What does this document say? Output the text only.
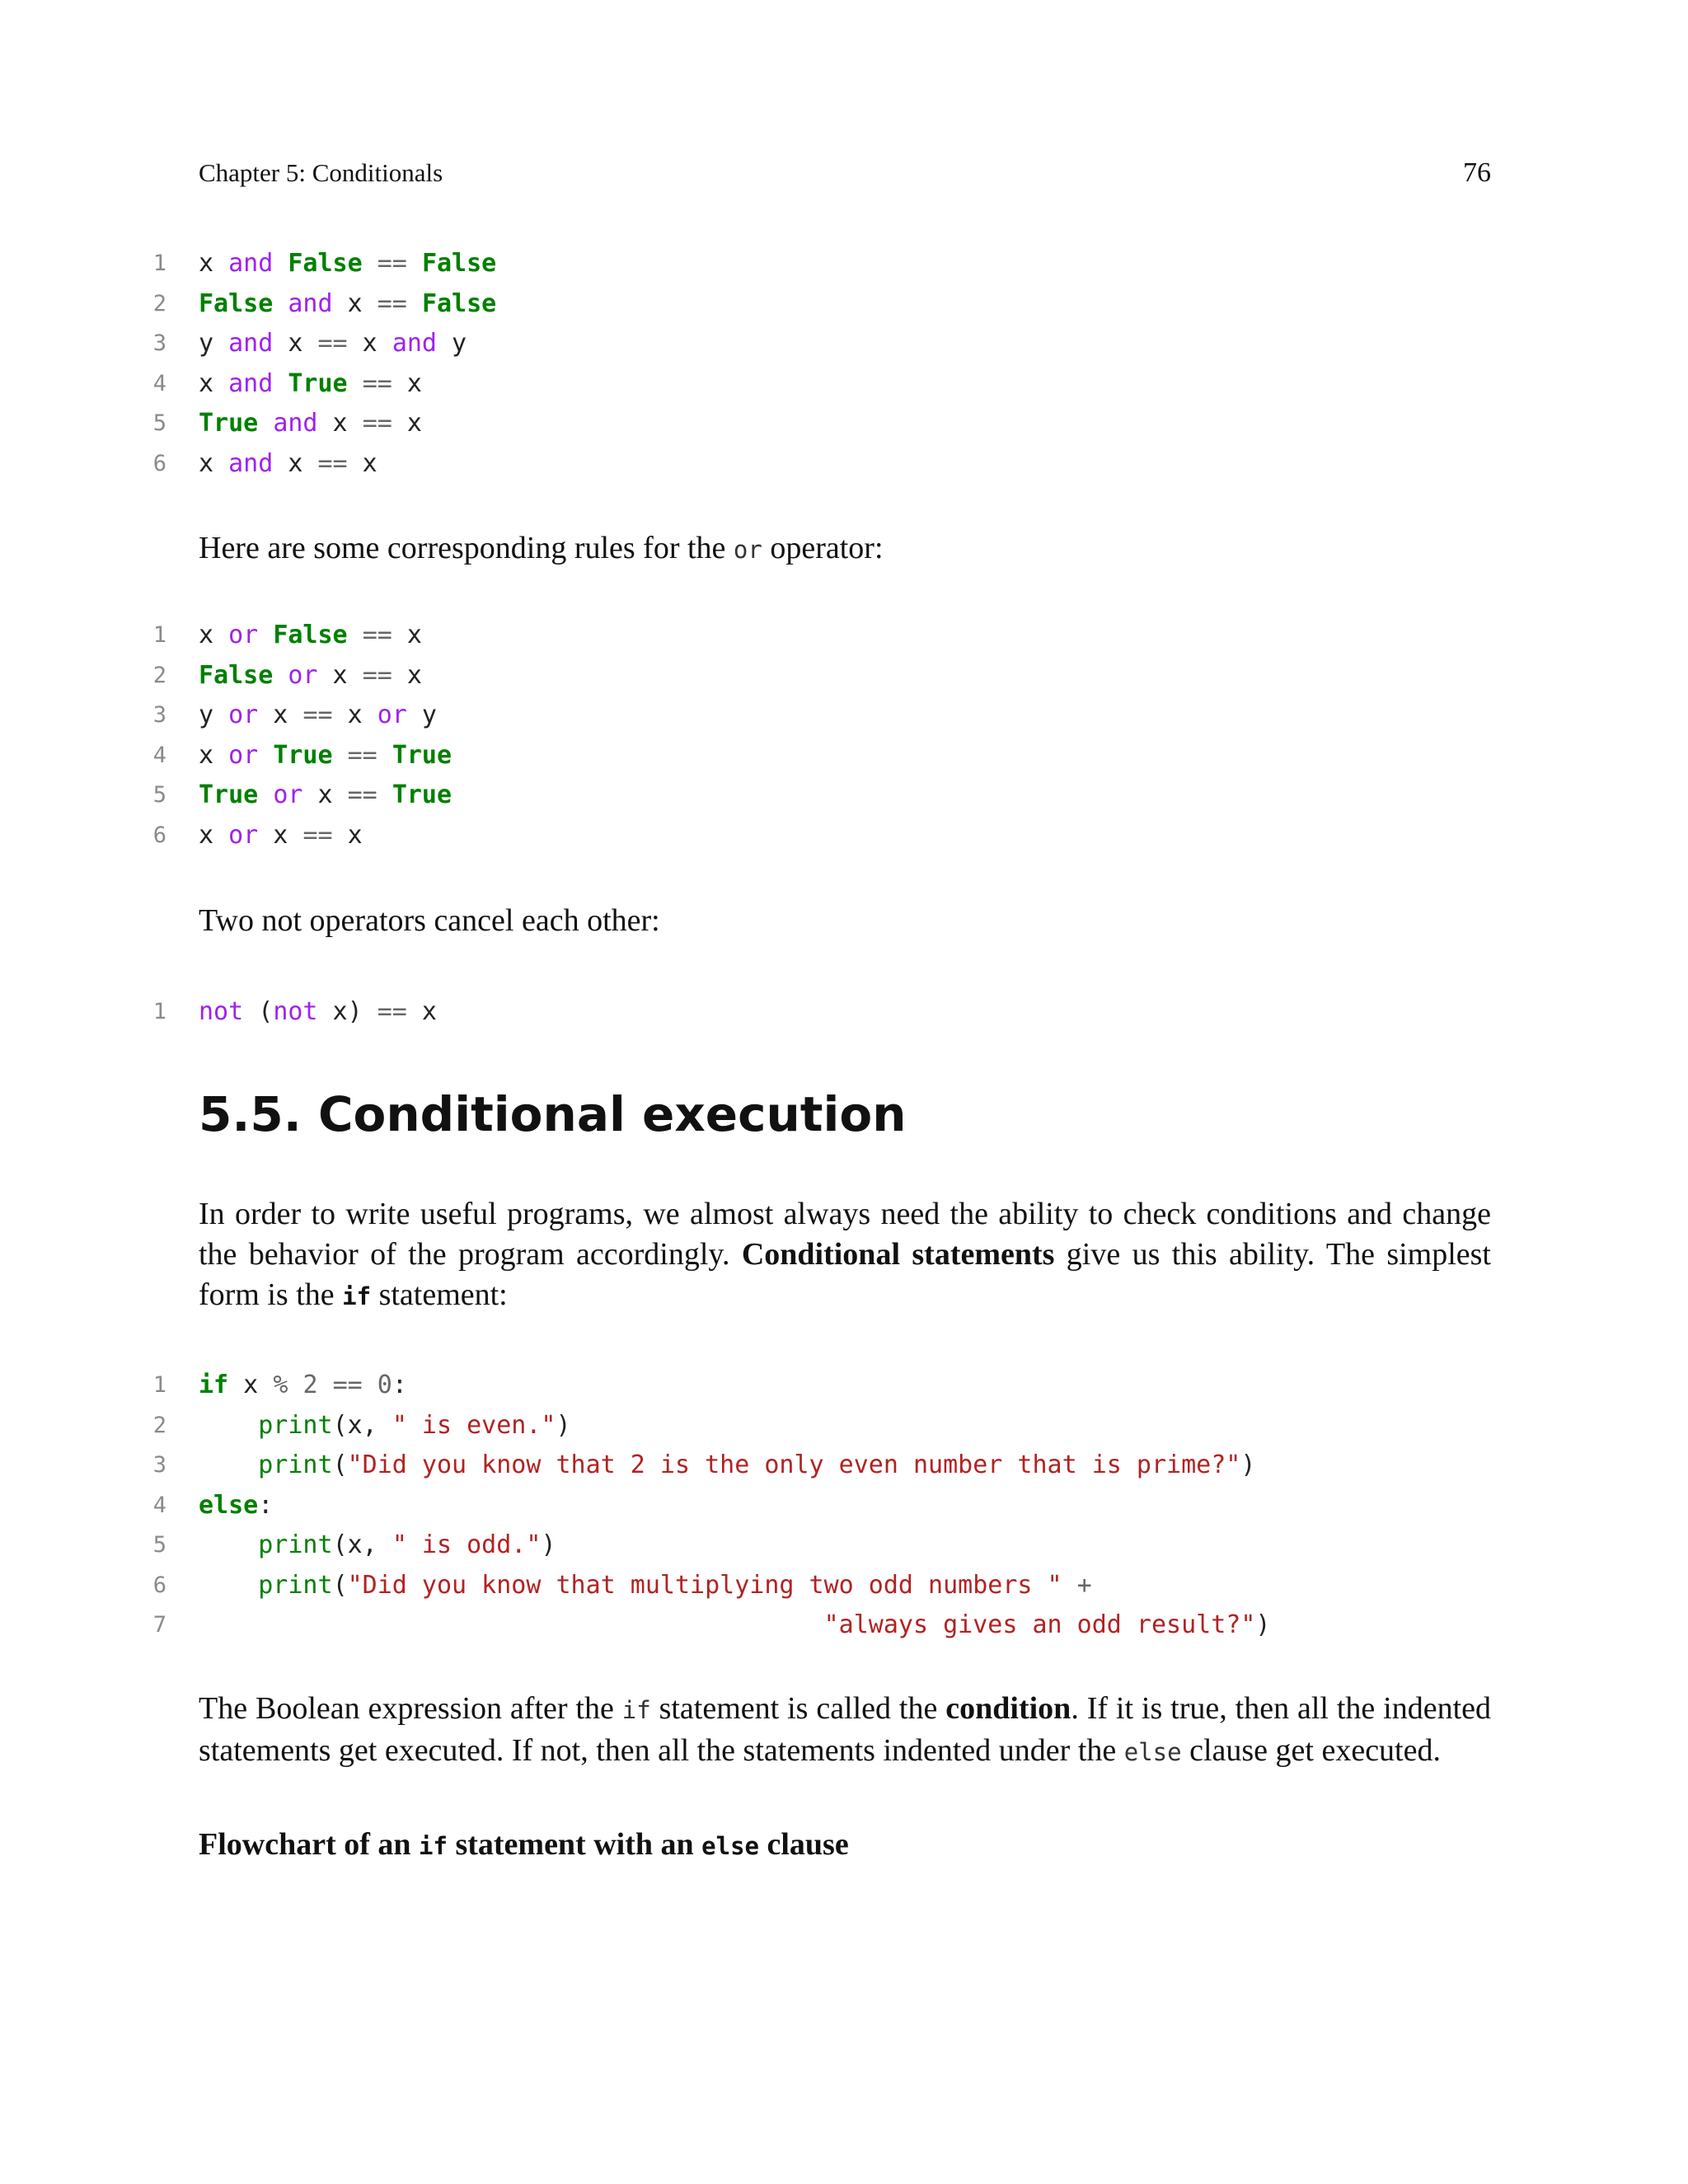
Chapter 5: Conditionals	76
1 x and False == False
2 False and x == False
3 y and x == x and y
4 x and True == x
5 True and x == x
6 x and x == x

Here are some corresponding rules for the or operator:

1 x or False == x
2 False or x == x
3 y or x == x or y
4 x or True == True
5 True or x == True
6 x or x == x

Two not operators cancel each other:

1 not (not x) == x
5.5. Conditional execution

In order to write useful programs, we almost always need the ability to check conditions and change the behavior of the program accordingly. Conditional statements give us this ability. The simplest form is the if statement:

1 if x % 2 == 0:
2	print(x, " is even.")
3	print("Did you know that 2 is the only even number that is prime?")
4 else:
5	print(x, " is odd.")
6	print("Did you know that multiplying two odd numbers " +
7	"always gives an odd result?")

The Boolean expression after the if statement is called the condition. If it is true, then all the indented statements get executed. If not, then all the statements indented under the else clause get executed.

Flowchart of an if statement with an else clause
